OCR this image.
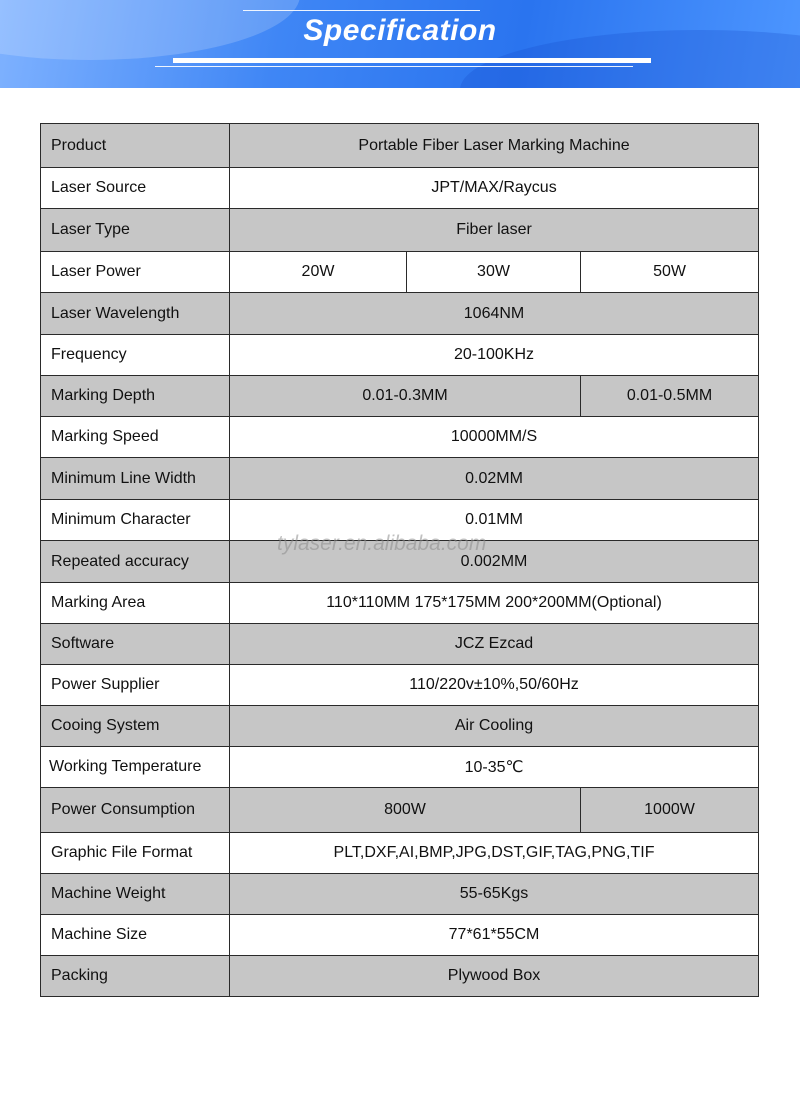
Specification
Product	Portable Fiber Laser Marking Machine		
Laser Source	JPT/MAX/Raycus		
Laser Type	Fiber laser		
Laser Power	20W	30W	50W
Laser Wavelength	1064NM		
Frequency	20-100KHz		
Marking Depth	0.01-0.3MM		0.01-0.5MM
Marking Speed	10000MM/S		
Minimum Line Width	0.02MM		
Minimum Character	0.01MM		
Repeated accuracy	0.002MM		
Marking Area	110*110MM 175*175MM 200*200MM(Optional)		
Software	JCZ Ezcad		
Power Supplier	110/220v±10%,50/60Hz		
Cooing System	Air Cooling		
Working Temperature	10-35℃		
Power Consumption	800W		1000W
Graphic File Format	PLT,DXF,AI,BMP,JPG,DST,GIF,TAG,PNG,TIF		
Machine Weight	55-65Kgs		
Machine Size	77*61*55CM		
Packing	Plywood Box		
tylaser.en.alibaba.com
